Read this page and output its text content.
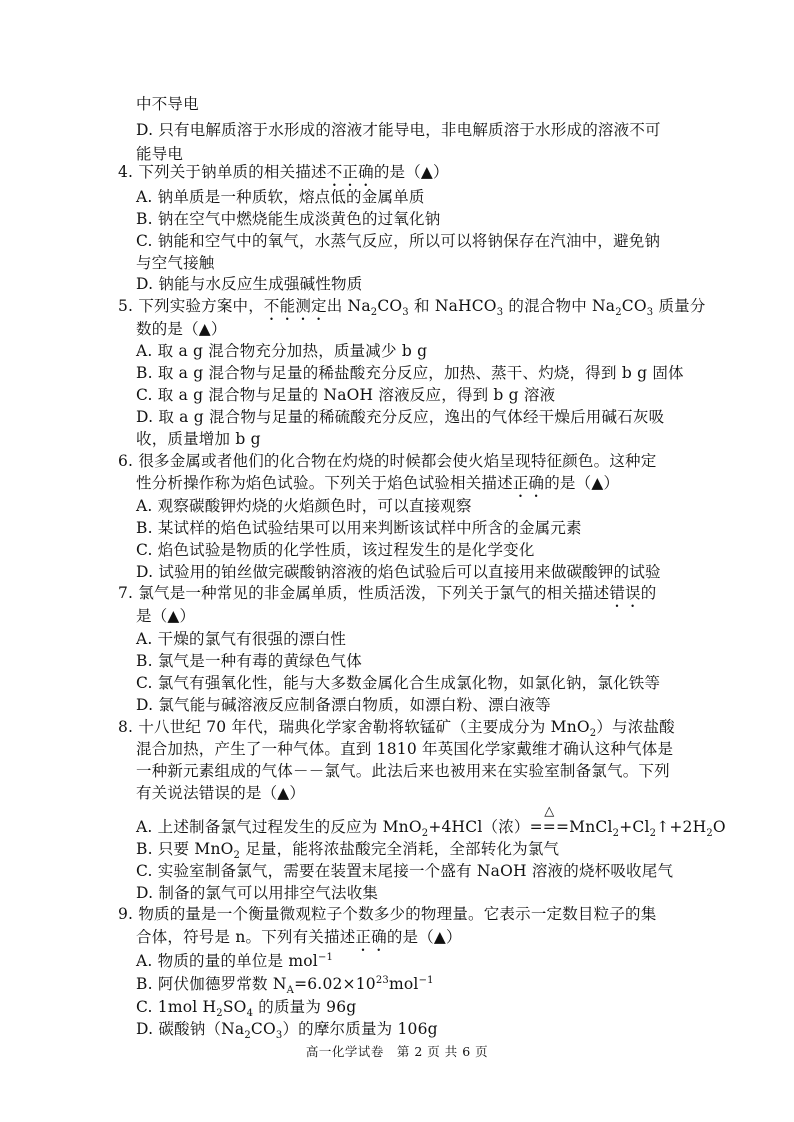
中不导电
D. 只有电解质溶于水形成的溶液才能导电，非电解质溶于水形成的溶液不可
能导电
4. 下列关于钠单质的相关描述不正确的是（▲）
A. 钠单质是一种质软，熔点低的金属单质
B. 钠在空气中燃烧能生成淡黄色的过氧化钠
C. 钠能和空气中的氧气，水蒸气反应，所以可以将钠保存在汽油中，避免钠
与空气接触
D. 钠能与水反应生成强碱性物质
5. 下列实验方案中，不能测定出 $Na_2CO_3$ 和 NaHCO$_3$ 的混合物中 $Na_2CO_3$ 质量分
数的是（▲）
A. 取 a g 混合物充分加热，质量减少 b g
B. 取 a g 混合物与足量的稀盐酸充分反应，加热、蒸干、灼烧，得到 b g 固体
C. 取 a g 混合物与足量的 NaOH 溶液反应，得到 b g 溶液
D. 取 a g 混合物与足量的稀硫酸充分反应，逸出的气体经干燥后用碱石灰吸
收，质量增加 b g
6. 很多金属或者他们的化合物在灼烧的时候都会使火焰呈现特征颜色。这种定
性分析操作称为焰色试验。下列关于焰色试验相关描述正确的是（▲）
A. 观察碳酸钾灼烧的火焰颜色时，可以直接观察
B. 某试样的焰色试验结果可以用来判断该试样中所含的金属元素
C. 焰色试验是物质的化学性质，该过程发生的是化学变化
D. 试验用的铂丝做完碳酸钠溶液的焰色试验后可以直接用来做碳酸钾的试验
7. 氯气是一种常见的非金属单质，性质活泼，下列关于氯气的相关描述错误的
是（▲）
A. 干燥的氯气有很强的漂白性
B. 氯气是一种有毒的黄绿色气体
C. 氯气有强氧化性，能与大多数金属化合生成氯化物，如氯化钠，氯化铁等
D. 氯气能与碱溶液反应制备漂白物质，如漂白粉、漂白液等
8. 十八世纪 70 年代，瑞典化学家舍勒将软锰矿（主要成分为 MnO$_2$）与浓盐酸
混合加热，产生了一种气体。直到 1810 年英国化学家戴维才确认这种气体是
一种新元素组成的气体－－氯气。此法后来也被用来在实验室制备氯气。下列
有关说法错误的是（▲）
A. 上述制备氯气过程发生的反应为 MnO$_2$+4HCl（浓）
△
$===MnCl_2+Cl_2↑+2H_2O$
B. 只要 MnO$_2$ 足量，能将浓盐酸完全消耗，全部转化为氯气
C. 实验室制备氯气，需要在装置末尾接一个盛有 NaOH 溶液的烧杯吸收尾气
D. 制备的氯气可以用排空气法收集
9. 物质的量是一个衡量微观粒子个数多少的物理量。它表示一定数目粒子的集
合体，符号是 n。下列有关描述正确的是（▲）
A. 物质的量的单位是 mol$^{-1}$
B. 阿伏伽德罗常数 $N_A=6.02\times 10^{23}mol^{-1}$
C. 1mol $H_2SO_4$ 的质量为 96g
D. 碳酸钠$(Na_2CO_3)$的摩尔质量为 106g
高一化学试卷　第 2 页 共 6 页
